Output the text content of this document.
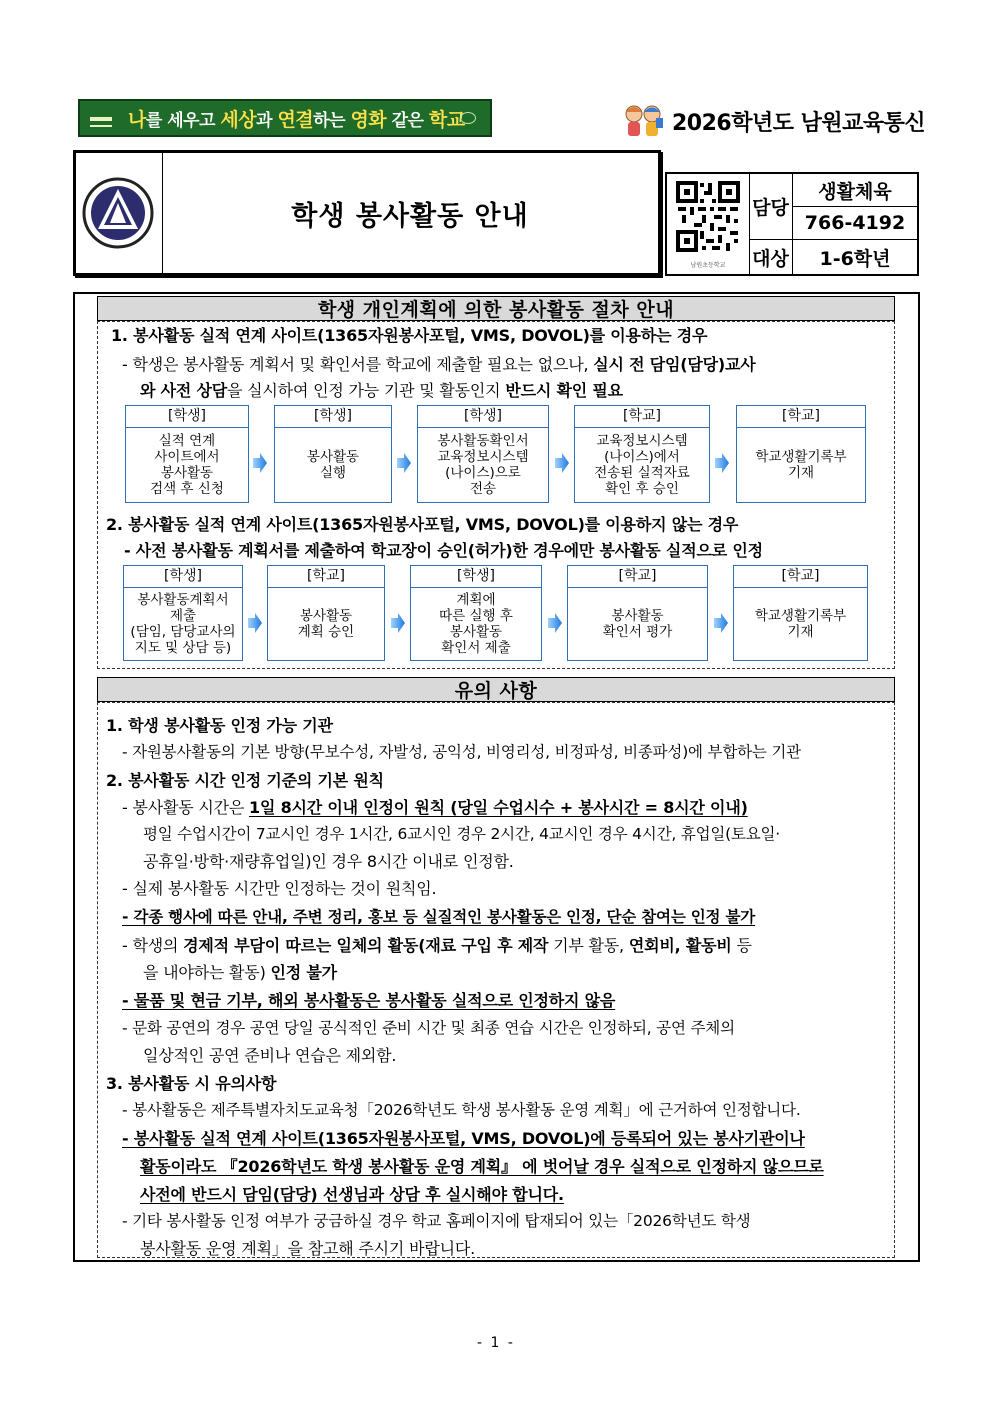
나를 세우고 세상과 연결하는 영화 같은 학교	2026학년도 남원교육통신
학생 봉사활동 안내
남원초등학교
담당
생활체육
766-4192
대상	1-6학년
학생 개인계획에 의한 봉사활동 절차 안내
1. 봉사활동 실적 연계 사이트(1365자원봉사포털, VMS, DOVOL)를 이용하는 경우
- 학생은 봉사활동 계획서 및 확인서를 학교에 제출할 필요는 없으나, 실시 전 담임(담당)교사
와 사전 상담을 실시하여 인정 가능 기관 및 활동인지 반드시 확인 필요
[학생]
실적 연계
사이트에서
봉사활동
검색 후 신청
[학생]
봉사활동
실행
[학생]
봉사활동확인서
교육정보시스템
(나이스)으로
전송
[학교]
교육정보시스템
(나이스)에서
전송된 실적자료
확인 후 승인
[학교]
학교생활기록부
기재
2. 봉사활동 실적 연계 사이트(1365자원봉사포털, VMS, DOVOL)를 이용하지 않는 경우
- 사전 봉사활동 계획서를 제출하여 학교장이 승인(허가)한 경우에만 봉사활동 실적으로 인정
[학생]
봉사활동계획서
제출
(담임, 담당교사의
지도 및 상담 등)
[학교]
봉사활동
계획 승인
[학생]
계획에
따른 실행 후
봉사활동
확인서 제출
[학교]
봉사활동
확인서 평가
[학교]
학교생활기록부
기재
유의 사항
1. 학생 봉사활동 인정 가능 기관
- 자원봉사활동의 기본 방향(무보수성, 자발성, 공익성, 비영리성, 비정파성, 비종파성)에 부합하는 기관
2. 봉사활동 시간 인정 기준의 기본 원칙
- 봉사활동 시간은 1일 8시간 이내 인정이 원칙 (당일 수업시수 + 봉사시간 = 8시간 이내)
평일 수업시간이 7교시인 경우 1시간, 6교시인 경우 2시간, 4교시인 경우 4시간, 휴업일(토요일·
공휴일·방학·재량휴업일)인 경우 8시간 이내로 인정함.
- 실제 봉사활동 시간만 인정하는 것이 원칙임.
- 각종 행사에 따른 안내, 주변 정리, 홍보 등 실질적인 봉사활동은 인정, 단순 참여는 인정 불가
- 학생의 경제적 부담이 따르는 일체의 활동(재료 구입 후 제작 기부 활동, 연회비, 활동비 등
을 내야하는 활동) 인정 불가
- 물품 및 현금 기부, 해외 봉사활동은 봉사활동 실적으로 인정하지 않음
- 문화 공연의 경우 공연 당일 공식적인 준비 시간 및 최종 연습 시간은 인정하되, 공연 주체의
일상적인 공연 준비나 연습은 제외함.
3. 봉사활동 시 유의사항
- 봉사활동은 제주특별자치도교육청「2026학년도 학생 봉사활동 운영 계획」에 근거하여 인정합니다.
- 봉사활동 실적 연계 사이트(1365자원봉사포털, VMS, DOVOL)에 등록되어 있는 봉사기관이나
활동이라도 『2026학년도 학생 봉사활동 운영 계획』 에 벗어날 경우 실적으로 인정하지 않으므로
사전에 반드시 담임(담당) 선생님과 상담 후 실시해야 합니다.
- 기타 봉사활동 인정 여부가 궁금하실 경우 학교 홈페이지에 탑재되어 있는「2026학년도 학생
봉사활동 운영 계획」을 참고해 주시기 바랍니다.
- 1 -
